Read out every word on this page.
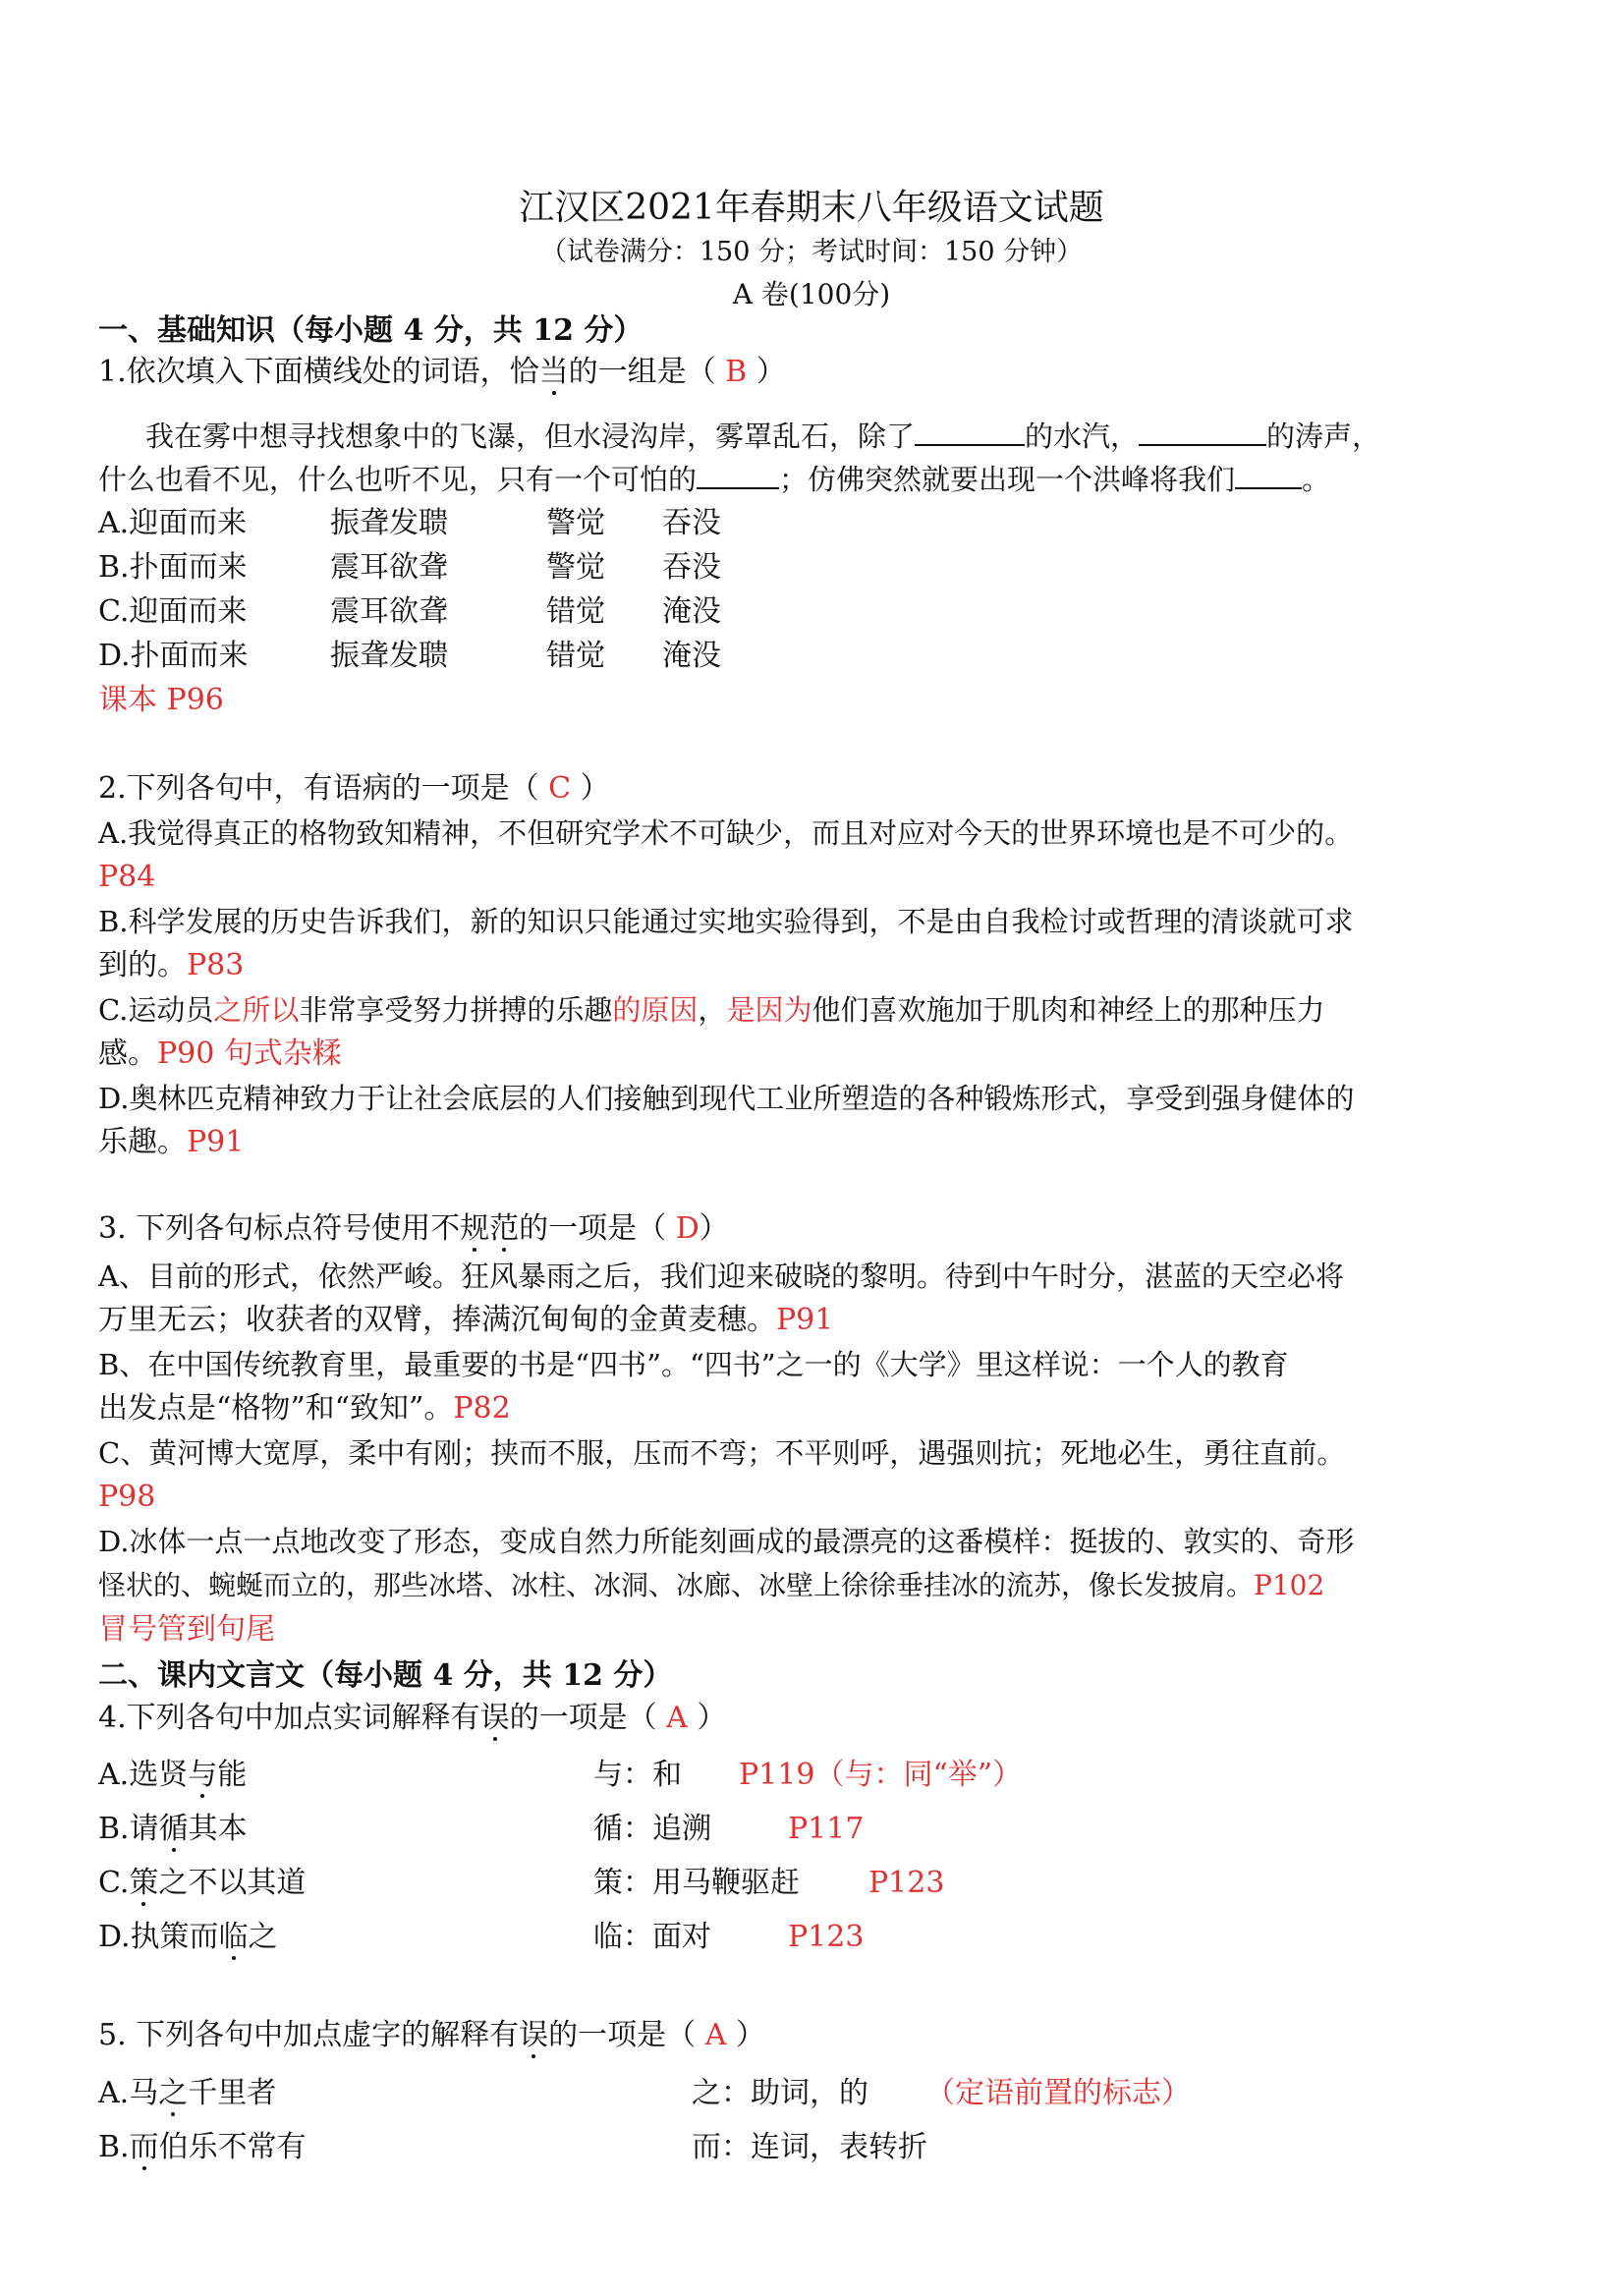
江汉区2021年春期末八年级语文试题
（试卷满分：150 分；考试时间：150 分钟）
A 卷(100分)
一、基础知识（每小题 4 分，共 12 分）
1.依次填入下面横线处的词语，恰当的一组是（ B ）
我在雾中想寻找想象中的飞瀑，但水浸沟岸，雾罩乱石，除了	的水汽，	的涛声，
什么也看不见，什么也听不见，只有一个可怕的	；仿佛突然就要出现一个洪峰将我们 。
A.迎面而来	振聋发聩	警觉 吞没
B.扑面而来	震耳欲聋	警觉 吞没
C.迎面而来	震耳欲聋	错觉 淹没
D.扑面而来	振聋发聩	错觉 淹没
课本 P96
2.下列各句中，有语病的一项是（ C ）
A.我觉得真正的格物致知精神，不但研究学术不可缺少，而且对应对今天的世界环境也是不可少的。
P84
B.科学发展的历史告诉我们，新的知识只能通过实地实验得到，不是由自我检讨或哲理的清谈就可求
到的。P83
C.运动员之所以非常享受努力拼搏的乐趣的原因，是因为他们喜欢施加于肌肉和神经上的那种压力
感。P90 句式杂糅
D.奥林匹克精神致力于让社会底层的人们接触到现代工业所塑造的各种锻炼形式，享受到强身健体的
乐趣。P91
3. 下列各句标点符号使用不规范的一项是（ D）
A、目前的形式，依然严峻。狂风暴雨之后，我们迎来破晓的黎明。待到中午时分，湛蓝的天空必将
万里无云；收获者的双臂，捧满沉甸甸的金黄麦穗。P91
B、在中国传统教育里，最重要的书是“四书”。“四书”之一的《大学》里这样说：一个人的教育
出发点是“格物”和“致知”。P82
C、黄河博大宽厚，柔中有刚；挟而不服，压而不弯；不平则呼，遇强则抗；死地必生，勇往直前。
P98
D.冰体一点一点地改变了形态，变成自然力所能刻画成的最漂亮的这番模样：挺拔的、敦实的、奇形
怪状的、蜿蜒而立的，那些冰塔、冰柱、冰洞、冰廊、冰壁上徐徐垂挂冰的流苏，像长发披肩。P102
冒号管到句尾
二、课内文言文（每小题 4 分，共 12 分）
4.下列各句中加点实词解释有误的一项是（ A ）
A.选贤与能	与：和 P119（与：同“举”）
B.请循其本	循：追溯	P117
C.策之不以其道	策：用马鞭驱赶 P123
D.执策而临之	临：面对	P123
5. 下列各句中加点虚字的解释有误的一项是（ A ）
A.马之千里者	之：助词，的 （定语前置的标志）
B.而伯乐不常有	而：连词，表转折
